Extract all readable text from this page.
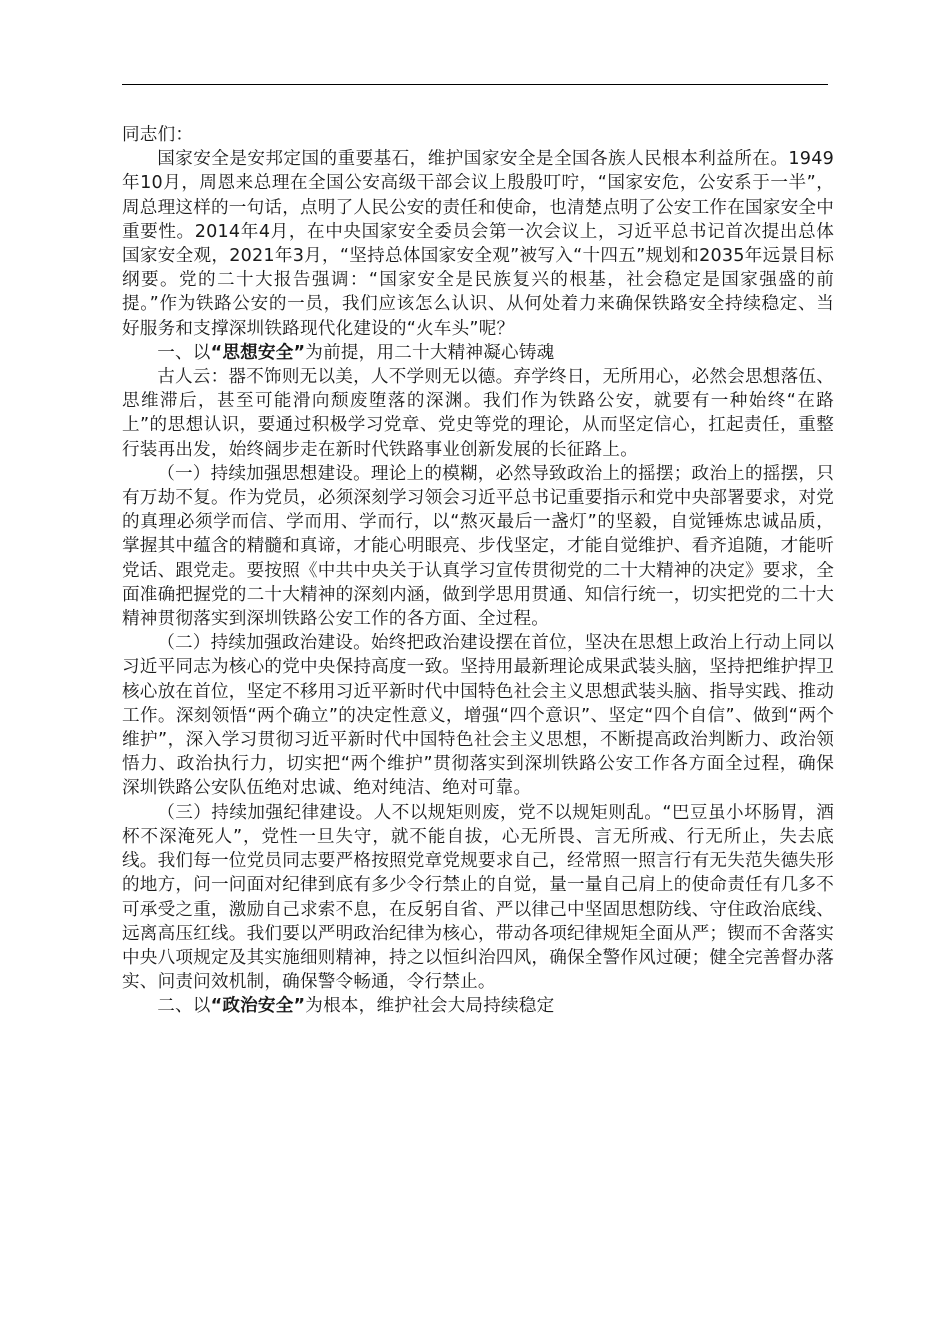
同志们：

国家安全是安邦定国的重要基石，维护国家安全是全国各族人民根本利益所在。1949年10月，周恩来总理在全国公安高级干部会议上殷殷叮咛，“国家安危，公安系于一半”，周总理这样的一句话，点明了人民公安的责任和使命，也清楚点明了公安工作在国家安全中重要性。2014年4月，在中央国家安全委员会第一次会议上，习近平总书记首次提出总体国家安全观，2021年3月，“坚持总体国家安全观”被写入“十四五”规划和2035年远景目标纲要。党的二十大报告强调：“国家安全是民族复兴的根基，社会稳定是国家强盛的前提。”作为铁路公安的一员，我们应该怎么认识、从何处着力来确保铁路安全持续稳定、当好服务和支撑深圳铁路现代化建设的“火车头”呢？

一、以“思想安全”为前提，用二十大精神凝心铸魂

古人云：器不饰则无以美，人不学则无以德。弃学终日，无所用心，必然会思想落伍、思维滞后，甚至可能滑向颓废堕落的深渊。我们作为铁路公安，就要有一种始终“在路上”的思想认识，要通过积极学习党章、党史等党的理论，从而坚定信心，扛起责任，重整行装再出发，始终阔步走在新时代铁路事业创新发展的长征路上。

（一）持续加强思想建设。理论上的模糊，必然导致政治上的摇摆；政治上的摇摆，只有万劫不复。作为党员，必须深刻学习领会习近平总书记重要指示和党中央部署要求，对党的真理必须学而信、学而用、学而行，以“熬灭最后一盏灯”的坚毅，自觉锤炼忠诚品质，掌握其中蕴含的精髓和真谛，才能心明眼亮、步伐坚定，才能自觉维护、看齐追随，才能听党话、跟党走。要按照《中共中央关于认真学习宣传贯彻党的二十大精神的决定》要求，全面准确把握党的二十大精神的深刻内涵，做到学思用贯通、知信行统一，切实把党的二十大精神贯彻落实到深圳铁路公安工作的各方面、全过程。

（二）持续加强政治建设。始终把政治建设摆在首位，坚决在思想上政治上行动上同以习近平同志为核心的党中央保持高度一致。坚持用最新理论成果武装头脑，坚持把维护捍卫核心放在首位，坚定不移用习近平新时代中国特色社会主义思想武装头脑、指导实践、推动工作。深刻领悟“两个确立”的决定性意义，增强“四个意识”、坚定“四个自信”、做到“两个维护”，深入学习贯彻习近平新时代中国特色社会主义思想，不断提高政治判断力、政治领悟力、政治执行力，切实把“两个维护”贯彻落实到深圳铁路公安工作各方面全过程，确保深圳铁路公安队伍绝对忠诚、绝对纯洁、绝对可靠。

（三）持续加强纪律建设。人不以规矩则废，党不以规矩则乱。“巴豆虽小坏肠胃，酒杯不深淹死人”，党性一旦失守，就不能自拔，心无所畏、言无所戒、行无所止，失去底线。我们每一位党员同志要严格按照党章党规要求自己，经常照一照言行有无失范失德失形的地方，问一问面对纪律到底有多少令行禁止的自觉，量一量自己肩上的使命责任有几多不可承受之重，激励自己求索不息，在反躬自省、严以律己中坚固思想防线、守住政治底线、远离高压红线。我们要以严明政治纪律为核心，带动各项纪律规矩全面从严；锲而不舍落实中央八项规定及其实施细则精神，持之以恒纠治四风，确保全警作风过硬；健全完善督办落实、问责问效机制，确保警令畅通，令行禁止。

二、以“政治安全”为根本，维护社会大局持续稳定
